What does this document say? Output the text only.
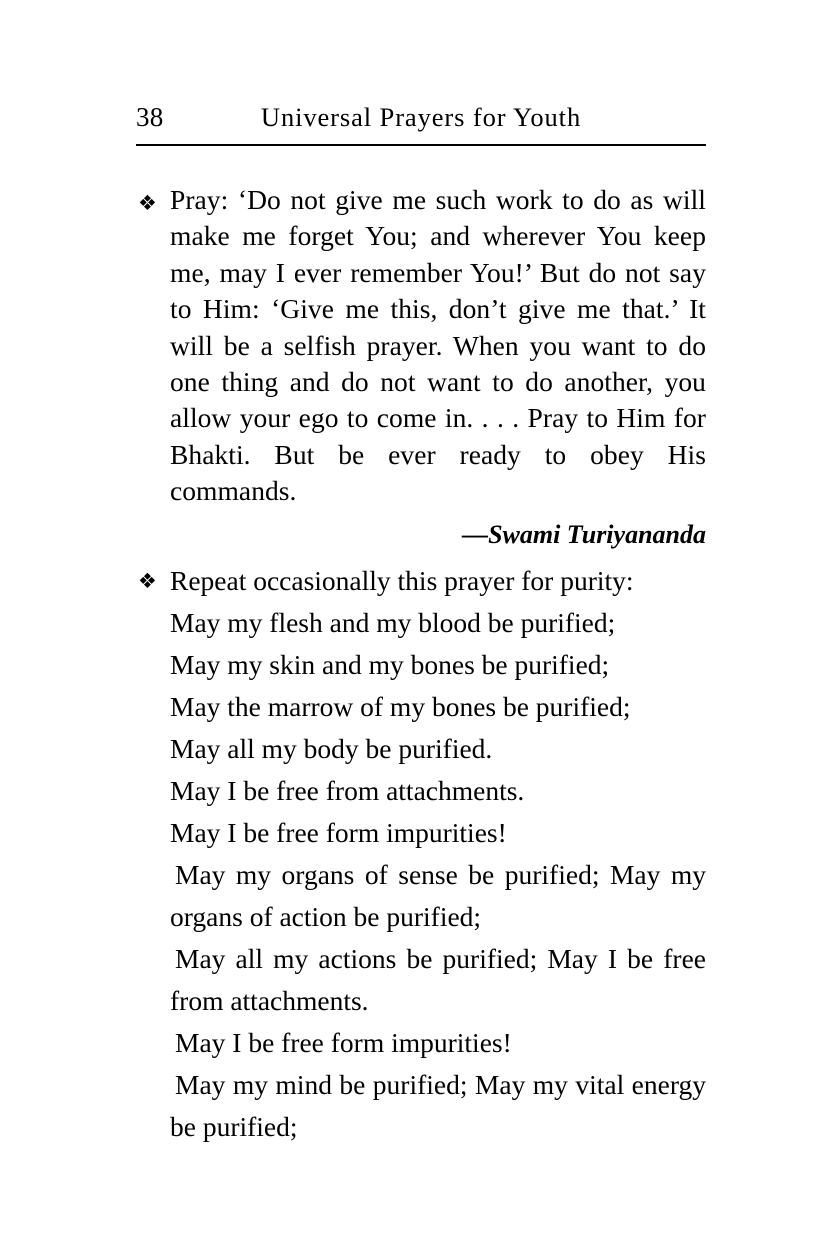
38	Universal Prayers for Youth
❖ Pray: ‘Do not give me such work to do as will make me forget You; and wherever You keep me, may I ever remember You!’ But do not say to Him: ‘Give me this, don’t give me that.’ It will be a selfish prayer. When you want to do one thing and do not want to do another, you allow your ego to come in. . . . Pray to Him for Bhakti. But be ever ready to obey His commands.

—Swami Turiyananda

❖ Repeat occasionally this prayer for purity:

May my flesh and my blood be purified;

May my skin and my bones be purified;

May the marrow of my bones be purified;

May all my body be purified.

May I be free from attachments.

May I be free form impurities!

May my organs of sense be purified; May my organs of action be purified;

May all my actions be purified; May I be free from attachments.

May I be free form impurities!

May my mind be purified; May my vital energy be purified;
